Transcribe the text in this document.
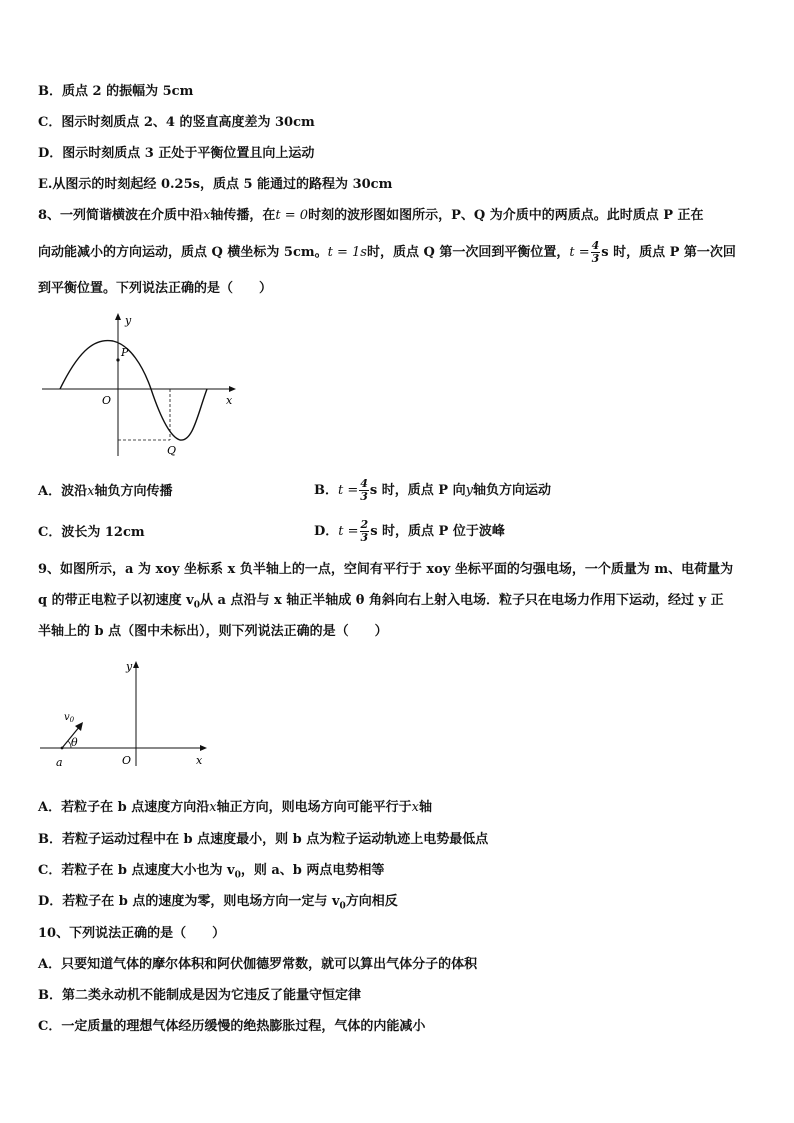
B．质点 2 的振幅为 5cm
C．图示时刻质点 2、4 的竖直高度差为 30cm
D．图示时刻质点 3 正处于平衡位置且向上运动
E.从图示的时刻起经 0.25s，质点 5 能通过的路程为 30cm
8、一列简谐横波在介质中沿x轴传播，在t = 0时刻的波形图如图所示，P、Q 为介质中的两质点。此时质点 P 正在
向动能减小的方向运动，质点 Q 横坐标为 5cm。t = 1s时，质点 Q 第一次回到平衡位置，$t = \frac{4}{3}$ s 时，质点 P 第一次回
到平衡位置。下列说法正确的是（　　）
y
x
O
P
Q
A．波沿x轴负方向传播	B．$t = \frac{4}{3}$ s 时，质点 P 向y轴负方向运动
C．波长为 12cm	D．$t = \frac{2}{3}$ s 时，质点 P 位于波峰
9、如图所示，a 为 xoy 坐标系 x 负半轴上的一点，空间有平行于 xoy 坐标平面的匀强电场，一个质量为 m、电荷量为
q 的带正电粒子以初速度 $v_0$从 a 点沿与 x 轴正半轴成 θ 角斜向右上射入电场．粒子只在电场力作用下运动，经过 y 正
半轴上的 b 点（图中未标出），则下列说法正确的是（　　）
y
x
O
a
$v_0$
θ
A．若粒子在 b 点速度方向沿x轴正方向，则电场方向可能平行于x轴
B．若粒子运动过程中在 b 点速度最小，则 b 点为粒子运动轨迹上电势最低点
C．若粒子在 b 点速度大小也为 $v_0$，则 a、b 两点电势相等
D．若粒子在 b 点的速度为零，则电场方向一定与 $v_0$方向相反
10、下列说法正确的是（　　）
A．只要知道气体的摩尔体积和阿伏伽德罗常数，就可以算出气体分子的体积
B．第二类永动机不能制成是因为它违反了能量守恒定律
C．一定质量的理想气体经历缓慢的绝热膨胀过程，气体的内能减小
